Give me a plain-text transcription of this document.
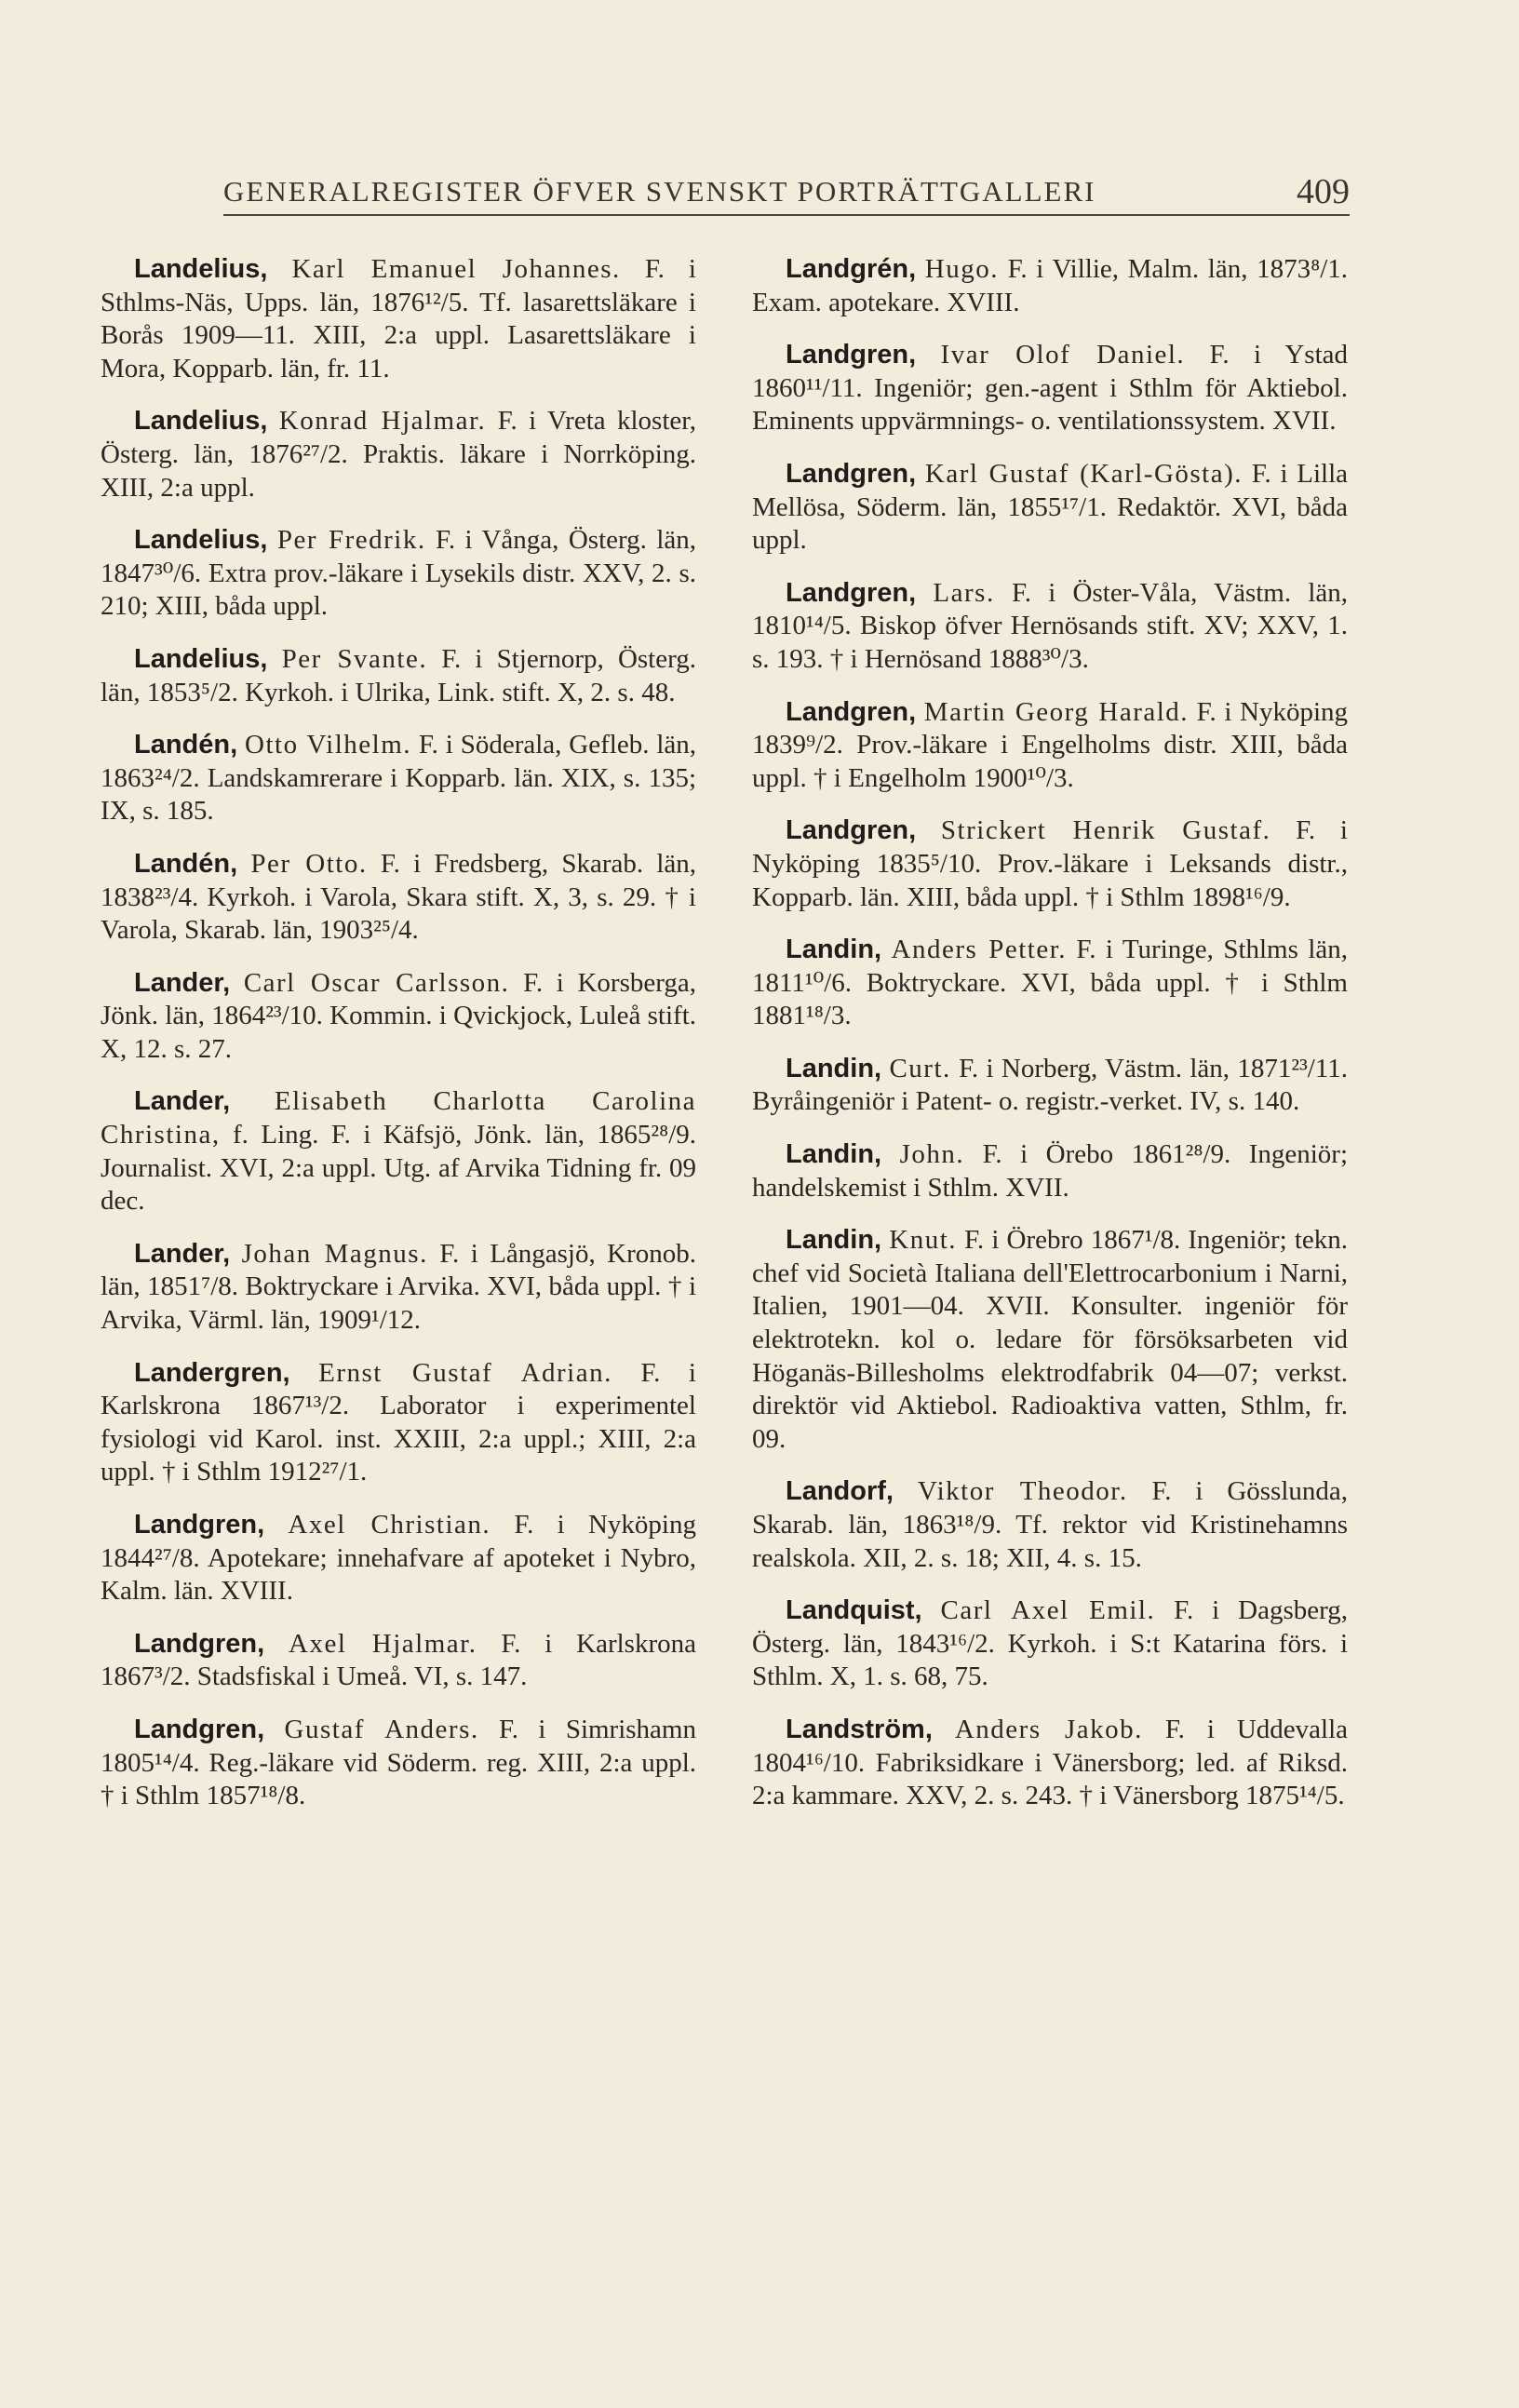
GENERALREGISTER ÖFVER SVENSKT PORTRÄTTGALLERI	409

Landelius, Karl Emanuel Johannes. F. i Sthlms-Näs, Upps. län, 1876¹²/5. Tf. lasarettsläkare i Borås 1909—11. XIII, 2:a uppl. Lasarettsläkare i Mora, Kopparb. län, fr. 11.

Landelius, Konrad Hjalmar. F. i Vreta kloster, Österg. län, 1876²⁷/2. Praktis. läkare i Norrköping. XIII, 2:a uppl.

Landelius, Per Fredrik. F. i Vånga, Österg. län, 1847³⁰/6. Extra prov.-läkare i Lysekils distr. XXV, 2. s. 210; XIII, båda uppl.

Landelius, Per Svante. F. i Stjernorp, Österg. län, 1853⁵/2. Kyrkoh. i Ulrika, Link. stift. X, 2. s. 48.

Landén, Otto Vilhelm. F. i Söderala, Gefleb. län, 1863²⁴/2. Landskamrerare i Kopparb. län. XIX, s. 135; IX, s. 185.

Landén, Per Otto. F. i Fredsberg, Skarab. län, 1838²³/4. Kyrkoh. i Varola, Skara stift. X, 3, s. 29. † i Varola, Skarab. län, 1903²⁵/4.

Lander, Carl Oscar Carlsson. F. i Korsberga, Jönk. län, 1864²³/10. Kommin. i Qvickjock, Luleå stift. X, 12. s. 27.

Lander, Elisabeth Charlotta Carolina Christina, f. Ling. F. i Käfsjö, Jönk. län, 1865²⁸/9. Journalist. XVI, 2:a uppl. Utg. af Arvika Tidning fr. 09 dec.

Lander, Johan Magnus. F. i Långasjö, Kronob. län, 1851⁷/8. Boktryckare i Arvika. XVI, båda uppl. † i Arvika, Värml. län, 1909¹/12.

Landergren, Ernst Gustaf Adrian. F. i Karlskrona 1867¹³/2. Laborator i experimentel fysiologi vid Karol. inst. XXIII, 2:a uppl.; XIII, 2:a uppl. † i Sthlm 1912²⁷/1.

Landgren, Axel Christian. F. i Nyköping 1844²⁷/8. Apotekare; innehafvare af apoteket i Nybro, Kalm. län. XVIII.

Landgren, Axel Hjalmar. F. i Karlskrona 1867³/2. Stadsfiskal i Umeå. VI, s. 147.

Landgren, Gustaf Anders. F. i Simrishamn 1805¹⁴/4. Reg.-läkare vid Söderm. reg. XIII, 2:a uppl. † i Sthlm 1857¹⁸/8.

Landgrén, Hugo. F. i Villie, Malm. län, 1873⁸/1. Exam. apotekare. XVIII.

Landgren, Ivar Olof Daniel. F. i Ystad 1860¹¹/11. Ingeniör; gen.-agent i Sthlm för Aktiebol. Eminents uppvärmnings- o. ventilationssystem. XVII.

Landgren, Karl Gustaf (Karl-Gösta). F. i Lilla Mellösa, Söderm. län, 1855¹⁷/1. Redaktör. XVI, båda uppl.

Landgren, Lars. F. i Öster-Våla, Västm. län, 1810¹⁴/5. Biskop öfver Hernösands stift. XV; XXV, 1. s. 193. † i Hernösand 1888³⁰/3.

Landgren, Martin Georg Harald. F. i Nyköping 1839⁹/2. Prov.-läkare i Engelholms distr. XIII, båda uppl. † i Engelholm 1900¹⁰/3.

Landgren, Strickert Henrik Gustaf. F. i Nyköping 1835⁵/10. Prov.-läkare i Leksands distr., Kopparb. län. XIII, båda uppl. † i Sthlm 1898¹⁶/9.

Landin, Anders Petter. F. i Turinge, Sthlms län, 1811¹⁰/6. Boktryckare. XVI, båda uppl. † i Sthlm 1881¹⁸/3.

Landin, Curt. F. i Norberg, Västm. län, 1871²³/11. Byråingeniör i Patent- o. registr.-verket. IV, s. 140.

Landin, John. F. i Örebo 1861²⁸/9. Ingeniör; handelskemist i Sthlm. XVII.

Landin, Knut. F. i Örebro 1867¹/8. Ingeniör; tekn. chef vid Società Italiana dell'Elettrocarbonium i Narni, Italien, 1901—04. XVII. Konsulter. ingeniör för elektrotekn. kol o. ledare för försöksarbeten vid Höganäs-Billesholms elektrodfabrik 04—07; verkst. direktör vid Aktiebol. Radioaktiva vatten, Sthlm, fr. 09.

Landorf, Viktor Theodor. F. i Gösslunda, Skarab. län, 1863¹⁸/9. Tf. rektor vid Kristinehamns realskola. XII, 2. s. 18; XII, 4. s. 15.

Landquist, Carl Axel Emil. F. i Dagsberg, Österg. län, 1843¹⁶/2. Kyrkoh. i S:t Katarina förs. i Sthlm. X, 1. s. 68, 75.

Landström, Anders Jakob. F. i Uddevalla 1804¹⁶/10. Fabriksidkare i Vänersborg; led. af Riksd. 2:a kammare. XXV, 2. s. 243. † i Vänersborg 1875¹⁴/5.
